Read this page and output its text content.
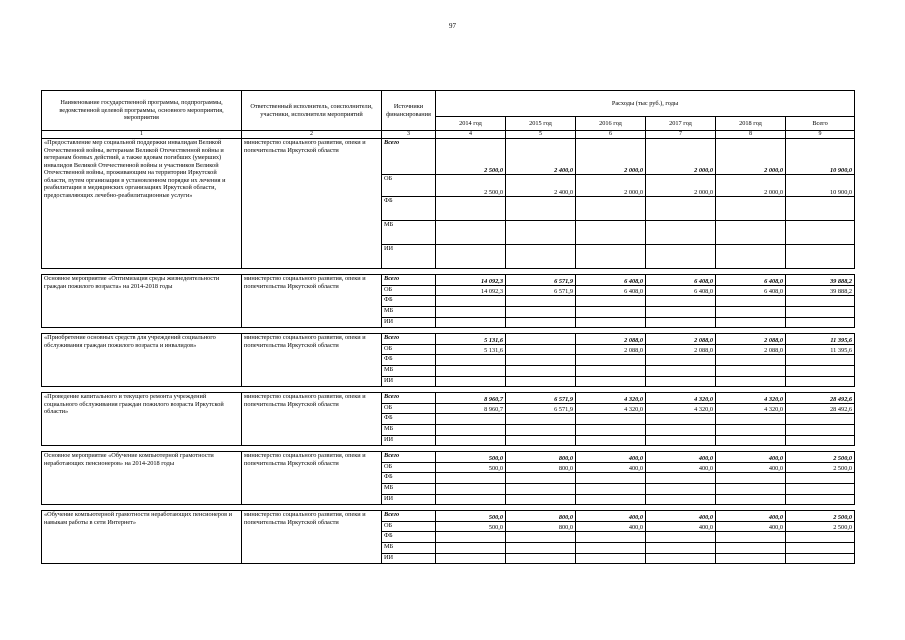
97
Наименование государственной программы, подпрограммы, ведомственной целевой программы, основного мероприятия, мероприятия	Ответственный исполнитель, соисполнители, участники, исполнители мероприятий	Источники финансирования	Расходы (тыс руб.), годы					
			2014 год	2015 год	2016 год	2017 год	2018 год	Всего
1	2	3	4	5	6	7	8	9
«Предоставление мер социальной поддержки инвалидам Великой Отечественной войны, ветеранам Великой Отечественной войны и ветеранам боевых действий, а также вдовам погибших (умерших) инвалидов Великой Отечественной войны и участников Великой Отечественной войны, проживающим на территории Иркутской области, путем организации в установленном порядке их лечения и реабилитации в медицинских организациях Иркутской области, предоставляющих лечебно-реабилитационные услуги»	министерство социального развития, опеки и попечительства Иркутской области	Всего	2 500,0	2 400,0	2 000,0	2 000,0	2 000,0	10 900,0
		ОБ	2 500,0	2 400,0	2 000,0	2 000,0	2 000,0	10 900,0
		ФБ						
		МБ						
		ИИ						

Основное мероприятие «Оптимизация среды жизнедеятельности граждан пожилого возраста» на 2014-2018 годы	министерство социального развития, опеки и попечительства Иркутской области	Всего	14 092,3	6 571,9	6 408,0	6 408,0	6 408,0	39 888,2
		ОБ	14 092,3	6 571,9	6 408,0	6 408,0	6 408,0	39 888,2
		ФБ						
		МБ						
		ИИ						

«Приобретение основных средств для учреждений социального обслуживания граждан пожилого возраста и инвалидов»	министерство социального развития, опеки и попечительства Иркутской области	Всего	5 131,6		2 088,0	2 088,0	2 088,0	11 395,6
		ОБ	5 131,6		2 088,0	2 088,0	2 088,0	11 395,6
		ФБ						
		МБ						
		ИИ						

«Проведение капитального и текущего ремонта учреждений социального обслуживания граждан пожилого возраста Иркутской области»	министерство социального развития, опеки и попечительства Иркутской области	Всего	8 960,7	6 571,9	4 320,0	4 320,0	4 320,0	28 492,6
		ОБ	8 960,7	6 571,9	4 320,0	4 320,0	4 320,0	28 492,6
		ФБ						
		МБ						
		ИИ						

Основное мероприятие «Обучение компьютерной грамотности неработающих пенсионеров» на 2014-2018 годы	министерство социального развития, опеки и попечительства Иркутской области	Всего	500,0	800,0	400,0	400,0	400,0	2 500,0
		ОБ	500,0	800,0	400,0	400,0	400,0	2 500,0
		ФБ						
		МБ						
		ИИ						

«Обучение компьютерной грамотности неработающих пенсионеров и навыкам работы в сети Интернет»	министерство социального развития, опеки и попечительства Иркутской области	Всего	500,0	800,0	400,0	400,0	400,0	2 500,0
		ОБ	500,0	800,0	400,0	400,0	400,0	2 500,0
		ФБ						
		МБ						
		ИИ						
